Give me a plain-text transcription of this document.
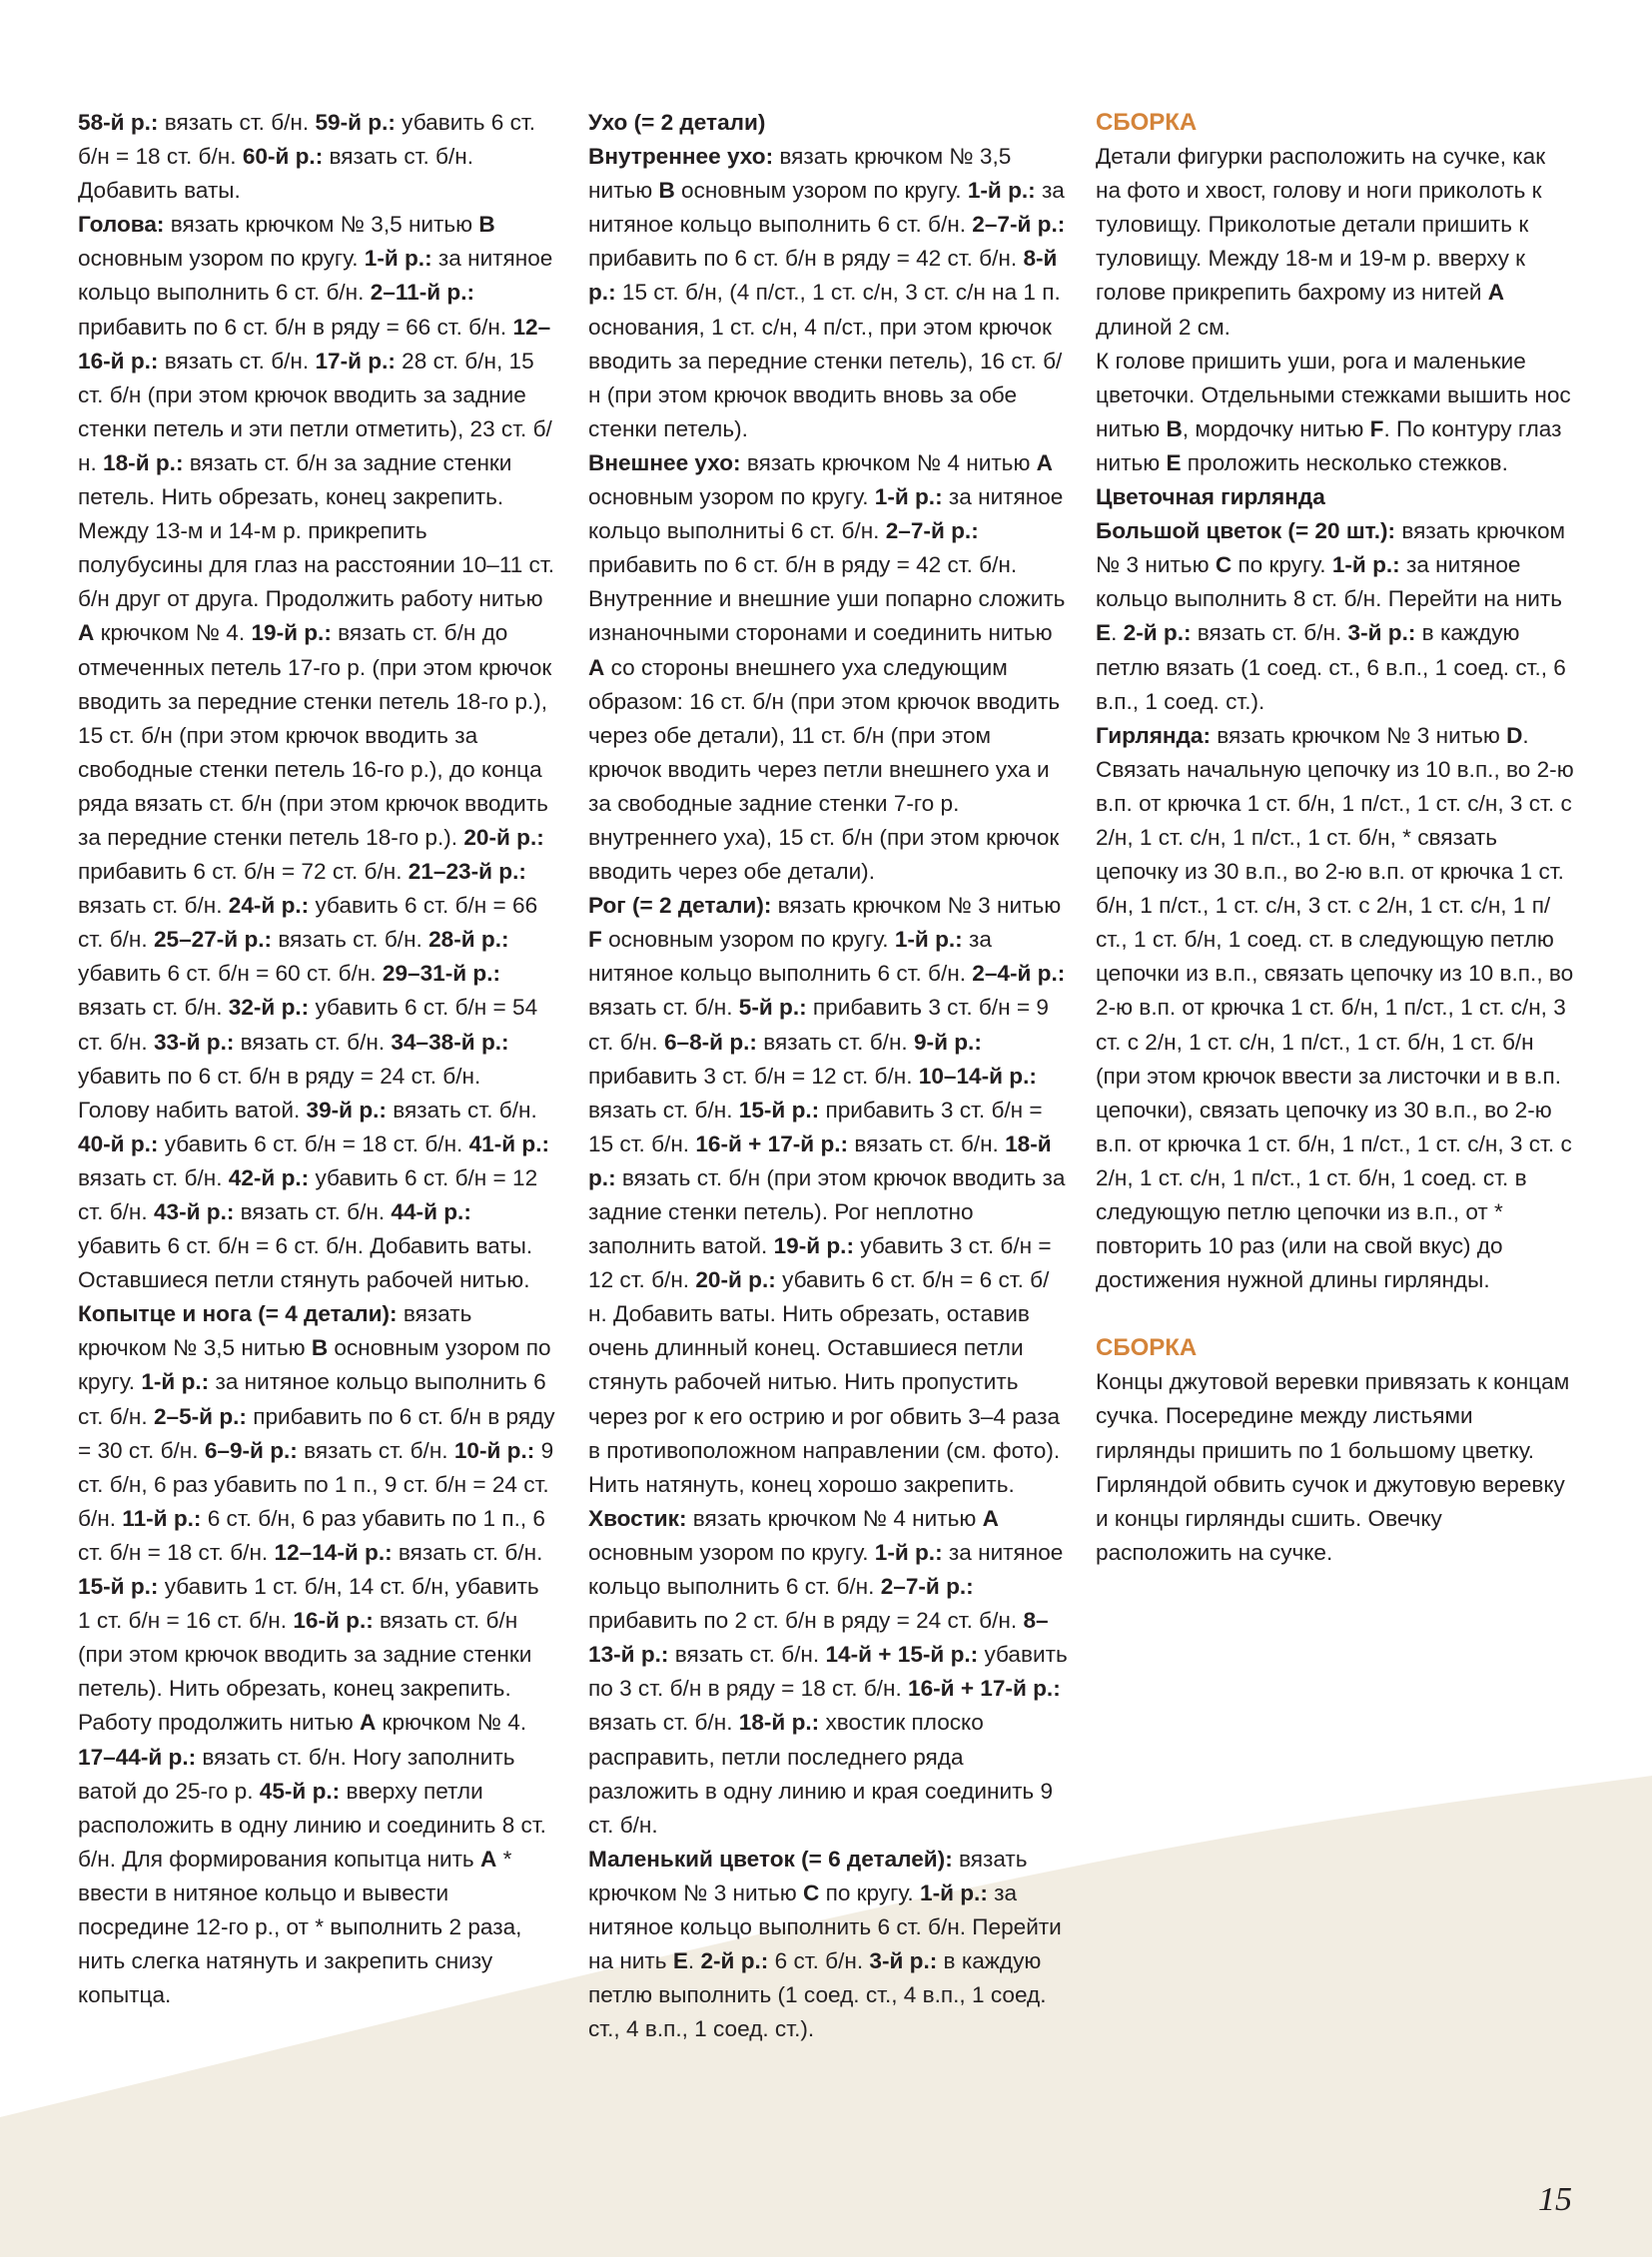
58-й р.: вязать ст. б/н. 59-й р.: убавить 6 ст. б/н = 18 ст. б/н. 60-й р.: вязать ст. б/н. Добавить ваты.

Голова: вязать крючком № 3,5 нитью В основным узором по кругу. 1-й р.: за нитяное кольцо выполнить 6 ст. б/н. 2–11-й р.: прибавить по 6 ст. б/н в ряду = 66 ст. б/н. 12–16-й р.: вязать ст. б/н. 17-й р.: 28 ст. б/н, 15 ст. б/н (при этом крючок вводить за задние стенки петель и эти петли отметить), 23 ст. б/н. 18-й р.: вязать ст. б/н за задние стенки петель. Нить обрезать, конец закрепить. Между 13-м и 14-м р. прикрепить полубусины для глаз на расстоянии 10–11 ст. б/н друг от друга. Продолжить работу нитью А крючком № 4. 19-й р.: вязать ст. б/н до отмеченных петель 17-го р. (при этом крючок вводить за передние стенки петель 18-го р.), 15 ст. б/н (при этом крючок вводить за свободные стенки петель 16-го р.), до конца ряда вязать ст. б/н (при этом крючок вводить за передние стенки петель 18-го р.). 20-й р.: прибавить 6 ст. б/н = 72 ст. б/н. 21–23-й р.: вязать ст. б/н. 24-й р.: убавить 6 ст. б/н = 66 ст. б/н. 25–27-й р.: вязать ст. б/н. 28-й р.: убавить 6 ст. б/н = 60 ст. б/н. 29–31-й р.: вязать ст. б/н. 32-й р.: убавить 6 ст. б/н = 54 ст. б/н. 33-й р.: вязать ст. б/н. 34–38-й р.: убавить по 6 ст. б/н в ряду = 24 ст. б/н. Голову набить ватой. 39-й р.: вязать ст. б/н. 40-й р.: убавить 6 ст. б/н = 18 ст. б/н. 41-й р.: вязать ст. б/н. 42-й р.: убавить 6 ст. б/н = 12 ст. б/н. 43-й р.: вязать ст. б/н. 44-й р.: убавить 6 ст. б/н = 6 ст. б/н. Добавить ваты. Оставшиеся петли стянуть рабочей нитью.

Копытце и нога (= 4 детали): вязать крючком № 3,5 нитью В основным узором по кругу. 1-й р.: за нитяное кольцо выполнить 6 ст. б/н. 2–5-й р.: прибавить по 6 ст. б/н в ряду = 30 ст. б/н. 6–9-й р.: вязать ст. б/н. 10-й р.: 9 ст. б/н, 6 раз убавить по 1 п., 9 ст. б/н = 24 ст. б/н. 11-й р.: 6 ст. б/н, 6 раз убавить по 1 п., 6 ст. б/н = 18 ст. б/н. 12–14-й р.: вязать ст. б/н. 15-й р.: убавить 1 ст. б/н, 14 ст. б/н, убавить 1 ст. б/н = 16 ст. б/н. 16-й р.: вязать ст. б/н (при этом крючок вводить за задние стенки петель). Нить обрезать, конец закрепить. Работу продолжить нитью А крючком № 4. 17–44-й р.: вязать ст. б/н. Ногу заполнить ватой до 25-го р. 45-й р.: вверху петли расположить в одну линию и соединить 8 ст. б/н. Для формирования копытца нить А * ввести в нитяное кольцо и вывести посредине 12-го р., от * выполнить 2 раза, нить слегка натянуть и закрепить снизу копытца.

Ухо (= 2 детали)

Внутреннее ухо: вязать крючком № 3,5 нитью В основным узором по кругу. 1-й р.: за нитяное кольцо выполнить 6 ст. б/н. 2–7-й р.: прибавить по 6 ст. б/н в ряду = 42 ст. б/н. 8-й р.: 15 ст. б/н, (4 п/ст., 1 ст. с/н, 3 ст. с/н на 1 п. основания, 1 ст. с/н, 4 п/ст., при этом крючок вводить за передние стенки петель), 16 ст. б/н (при этом крючок вводить вновь за обе стенки петель).

Внешнее ухо: вязать крючком № 4 нитью А основным узором по кругу. 1-й р.: за нитяное кольцо выполнитьi 6 ст. б/н. 2–7-й р.: прибавить по 6 ст. б/н в ряду = 42 ст. б/н.

Внутренние и внешние уши попарно сложить изнаночными сторонами и соединить нитью А со стороны внешнего уха следующим образом: 16 ст. б/н (при этом крючок вводить через обе детали), 11 ст. б/н (при этом крючок вводить через петли внешнего уха и за свободные задние стенки 7-го р. внутреннего уха), 15 ст. б/н (при этом крючок вводить через обе детали).

Рог (= 2 детали): вязать крючком № 3 нитью F основным узором по кругу. 1-й р.: за нитяное кольцо выполнить 6 ст. б/н. 2–4-й р.: вязать ст. б/н. 5-й р.: прибавить 3 ст. б/н = 9 ст. б/н. 6–8-й р.: вязать ст. б/н. 9-й р.: прибавить 3 ст. б/н = 12 ст. б/н. 10–14-й р.: вязать ст. б/н. 15-й р.: прибавить 3 ст. б/н = 15 ст. б/н. 16-й + 17-й р.: вязать ст. б/н. 18-й р.: вязать ст. б/н (при этом крючок вводить за задние стенки петель). Рог неплотно заполнить ватой. 19-й р.: убавить 3 ст. б/н = 12 ст. б/н. 20-й р.: убавить 6 ст. б/н = 6 ст. б/н. Добавить ваты. Нить обрезать, оставив очень длинный конец. Оставшиеся петли стянуть рабочей нитью. Нить пропустить через рог к его острию и рог обвить 3–4 раза в противоположном направлении (см. фото). Нить натянуть, конец хорошо закрепить.

Хвостик: вязать крючком № 4 нитью А основным узором по кругу. 1-й р.: за нитяное кольцо выполнить 6 ст. б/н. 2–7-й р.: прибавить по 2 ст. б/н в ряду = 24 ст. б/н. 8–13-й р.: вязать ст. б/н. 14-й + 15-й р.: убавить по 3 ст. б/н в ряду = 18 ст. б/н. 16-й + 17-й р.: вязать ст. б/н. 18-й р.: хвостик плоско расправить, петли последнего ряда разложить в одну линию и края соединить 9 ст. б/н.

Маленький цветок (= 6 деталей): вязать крючком № 3 нитью С по кругу. 1-й р.: за нитяное кольцо выполнить 6 ст. б/н. Перейти на нить Е. 2-й р.: 6 ст. б/н. 3-й р.: в каждую петлю выполнить (1 соед. ст., 4 в.п., 1 соед. ст., 4 в.п., 1 соед. ст.).

СБОРКА

Детали фигурки расположить на сучке, как на фото и хвост, голову и ноги приколоть к туловищу. Приколотые детали пришить к туловищу. Между 18-м и 19-м р. вверху к голове прикрепить бахрому из нитей А длиной 2 см.

К голове пришить уши, рога и маленькие цветочки. Отдельными стежками вышить нос нитью В, мордочку нитью F. По контуру глаз нитью Е проложить несколько стежков.

Цветочная гирлянда

Большой цветок (= 20 шт.): вязать крючком № 3 нитью С по кругу. 1-й р.: за нитяное кольцо выполнить 8 ст. б/н. Перейти на нить Е. 2-й р.: вязать ст. б/н. 3-й р.: в каждую петлю вязать (1 соед. ст., 6 в.п., 1 соед. ст., 6 в.п., 1 соед. ст.).

Гирлянда: вязать крючком № 3 нитью D. Связать начальную цепочку из 10 в.п., во 2-ю в.п. от крючка 1 ст. б/н, 1 п/ст., 1 ст. с/н, 3 ст. с 2/н, 1 ст. с/н, 1 п/ст., 1 ст. б/н, * связать цепочку из 30 в.п., во 2-ю в.п. от крючка 1 ст. б/н, 1 п/ст., 1 ст. с/н, 3 ст. с 2/н, 1 ст. с/н, 1 п/ст., 1 ст. б/н, 1 соед. ст. в следующую петлю цепочки из в.п., связать цепочку из 10 в.п., во 2-ю в.п. от крючка 1 ст. б/н, 1 п/ст., 1 ст. с/н, 3 ст. с 2/н, 1 ст. с/н, 1 п/ст., 1 ст. б/н, 1 ст. б/н (при этом крючок ввести за листочки и в в.п. цепочки), связать цепочку из 30 в.п., во 2-ю в.п. от крючка 1 ст. б/н, 1 п/ст., 1 ст. с/н, 3 ст. с 2/н, 1 ст. с/н, 1 п/ст., 1 ст. б/н, 1 соед. ст. в следующую петлю цепочки из в.п., от * повторить 10 раз (или на свой вкус) до достижения нужной длины гирлянды.

СБОРКА

Концы джутовой веревки привязать к концам сучка. Посередине между листьями гирлянды пришить по 1 большому цветку. Гирляндой обвить сучок и джутовую веревку и концы гирлянды сшить. Овечку расположить на сучке.

15
